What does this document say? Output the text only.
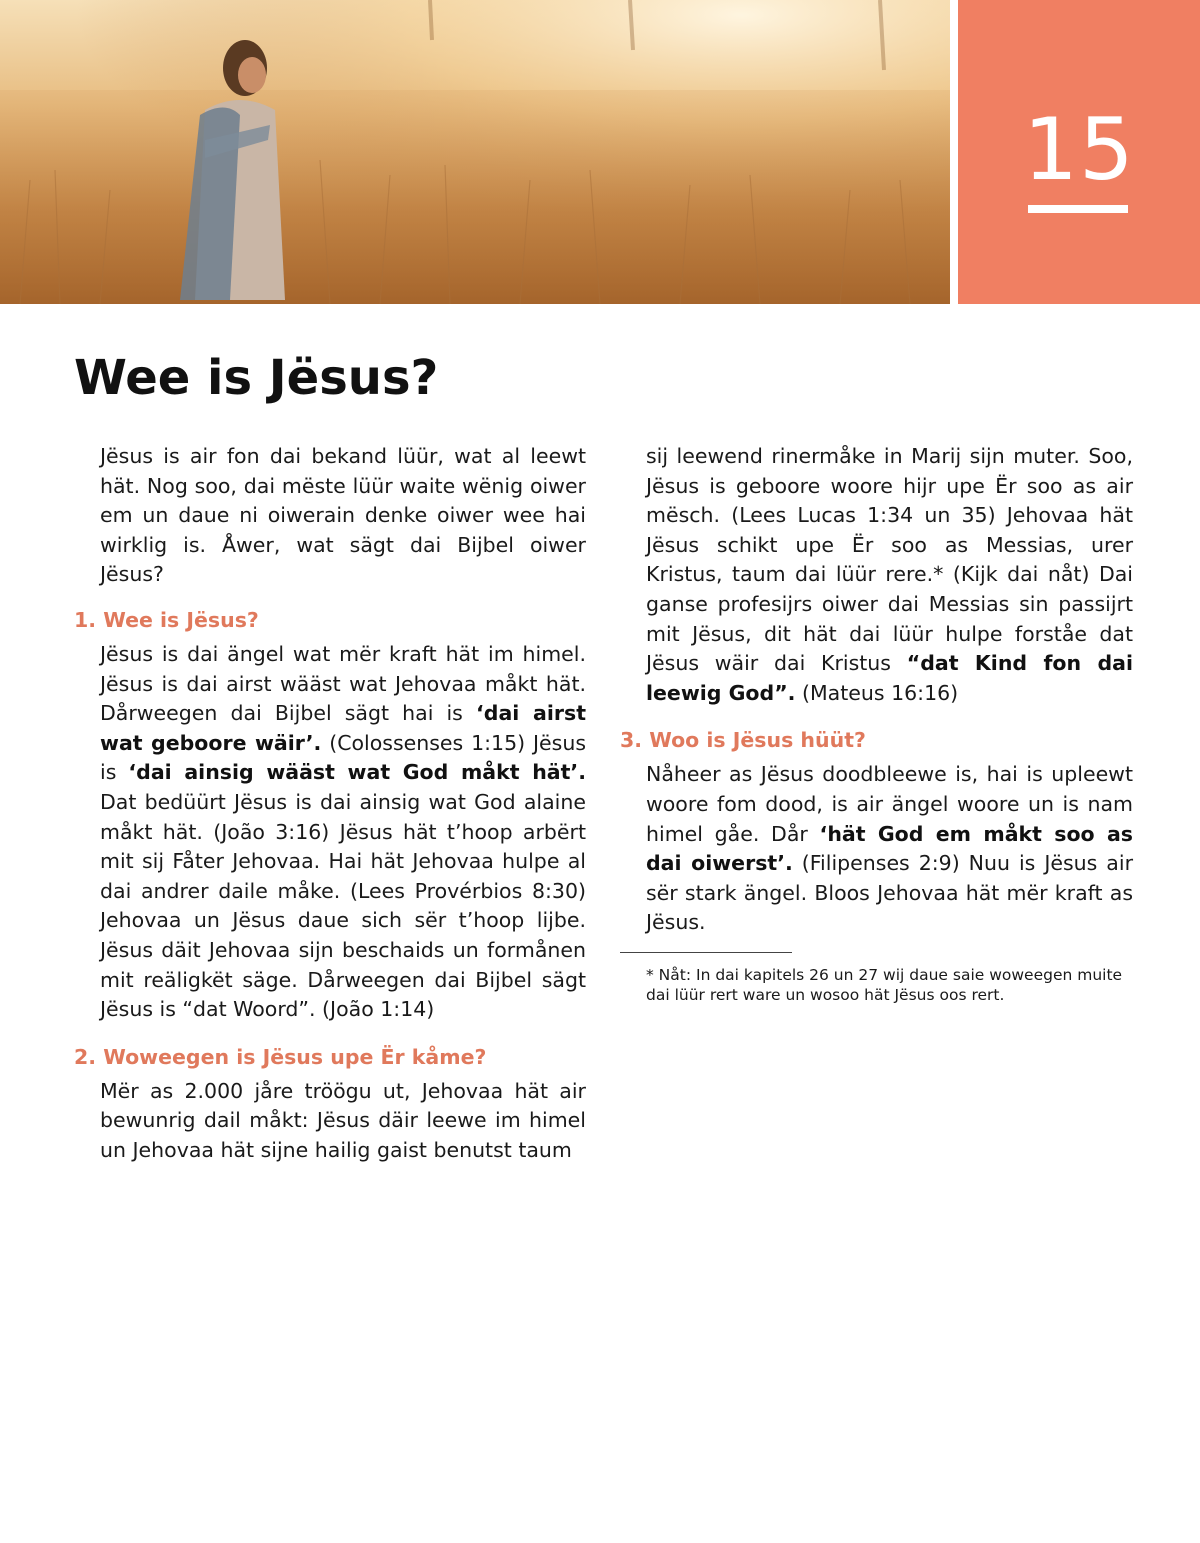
15
Wee is Jësus?

Jësus is air fon dai bekand lüür, wat al leewt hät. Nog soo, dai mëste lüür waite wënig oiwer em un daue ni oiwerain denke oiwer wee hai wirklig is. Åwer, wat sägt dai Bijbel oiwer Jësus?

1. Wee is Jësus?

Jësus is dai ängel wat mër kraft hät im himel. Jësus is dai airst wääst wat Jehovaa måkt hät. Dårweegen dai Bijbel sägt hai is ‘dai airst wat geboore wäir’. (Colossenses 1:15) Jësus is ‘dai ainsig wääst wat God måkt hät’. Dat bedüürt Jësus is dai ainsig wat God alaine måkt hät. (João 3:16) Jësus hät t’hoop arbërt mit sij Fåter Jehovaa. Hai hät Jehovaa hulpe al dai andrer daile måke. (Lees Provérbios 8:30) Jehovaa un Jësus daue sich sër t’hoop lijbe. Jësus däit Jehovaa sijn beschaids un formånen mit reäligkët säge. Dårweegen dai Bijbel sägt Jësus is “dat Woord”. (João 1:14)

2. Woweegen is Jësus upe Ër kåme?

Mër as 2.000 jåre tröögu ut, Jehovaa hät air bewunrig dail måkt: Jësus däir leewe im himel un Jehovaa hät sijne hailig gaist benutst taum

sij leewend rinermåke in Marij sijn muter. Soo, Jësus is geboore woore hijr upe Ër soo as air mësch. (Lees Lucas 1:34 un 35) Jehovaa hät Jësus schikt upe Ër soo as Messias, urer Kristus, taum dai lüür rere.* (Kijk dai nåt) Dai ganse profesijrs oiwer dai Messias sin passijrt mit Jësus, dit hät dai lüür hulpe forståe dat Jësus wäir dai Kristus “dat Kind fon dai leewig God”. (Mateus 16:16)

3. Woo is Jësus hüüt?

Nåheer as Jësus doodbleewe is, hai is upleewt woore fom dood, is air ängel woore un is nam himel gåe. Dår ‘hät God em måkt soo as dai oiwerst’. (Filipenses 2:9) Nuu is Jësus air sër stark ängel. Bloos Jehovaa hät mër kraft as Jësus.

* Nåt: In dai kapitels 26 un 27 wij daue saie woweegen muite dai lüür rert ware un wosoo hät Jësus oos rert.
